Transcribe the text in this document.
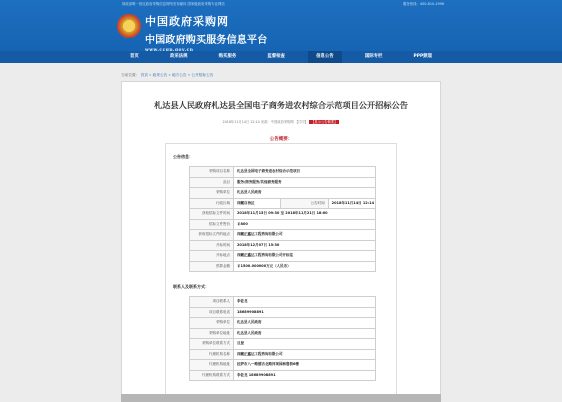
财政部唯一指定政府采购信息网络发布媒体 国家级政府采购专业网站	服务热线：400-810-1996
中国政府采购网
中国政府购买服务信息平台
首页	政采法规	购买服务	监督检查	信息公告	国际专栏	PPP频道
当前位置： 首页 » 政采公告 » 地方公告 » 公开招标公告
札达县人民政府札达县全国电子商务进农村综合示范项目公开招标公告
2018年11月14日 12:14 来源：中国政府采购网 【打印】 【显示公告概要】
公告概要：
公告信息：
采购项目名称	札达县全国电子商务进农村综合示范项目		
品目	服务/商务服务/其他商务服务		
采购单位	札达县人民政府		
行政区域	西藏自治区	公告时间	2018年11月14日 12:14
获取招标文件时间	2018年11月15日 09:30 至 2018年11月21日 18:00		
招标文件售价	￥800		
获取招标文件的地点	西藏正鑫达工程咨询有限公司		
开标时间	2018年12月07日 15:30		
开标地点	西藏正鑫达工程咨询有限公司开标室		
预算金额	￥1500.000000万元（人民币）		
联系人及联系方式：
项目联系人	李佐龙
项目联系电话	18689908891
采购单位	札达县人民政府
采购单位地址	札达县人民政府
采购单位联系方式	旦登
代理机构名称	西藏正鑫达工程咨询有限公司
代理机构地址	拉萨市八一路德吉北路河坝园林鲁桥6楼
代理机构联系方式	李佐龙 18689908891
